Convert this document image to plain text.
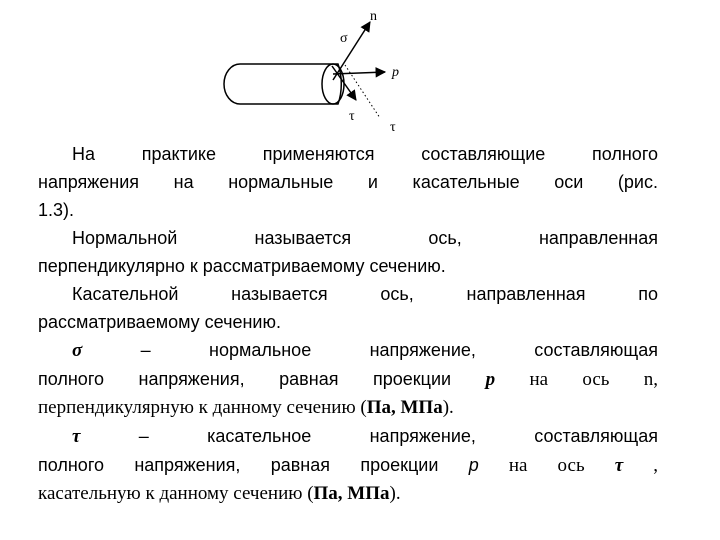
n
σ
p
τ
τ
На практике применяются составляющие полного
напряжения на нормальные и касательные оси (рис.
1.3).
Нормальной называется ось, направленная
перпендикулярно к рассматриваемому сечению.
Касательной называется ось, направленная по
рассматриваемому сечению.
σ – нормальное напряжение, составляющая
полного напряжения, равная проекции p на ось n,
перпендикулярную к данному сечению (Па, МПа).
τ – касательное напряжение, составляющая
полного напряжения, равная проекции p на ось τ ,
касательную к данному сечению (Па, МПа).
